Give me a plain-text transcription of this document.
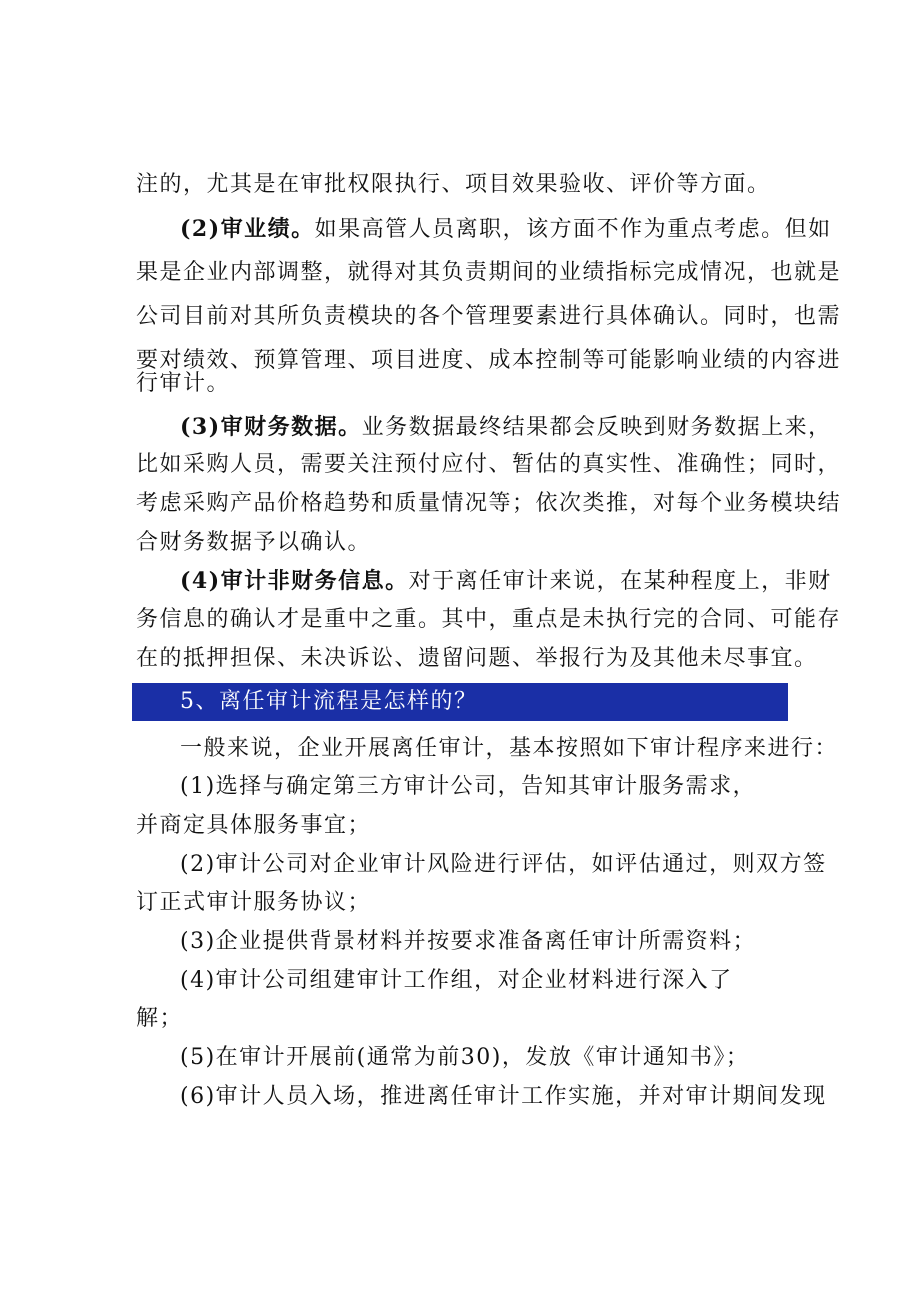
注的，尤其是在审批权限执行、项目效果验收、评价等方面。
(2)审业绩。如果高管人员离职，该方面不作为重点考虑。但如
果是企业内部调整，就得对其负责期间的业绩指标完成情况，也就是
公司目前对其所负责模块的各个管理要素进行具体确认。同时，也需
要对绩效、预算管理、项目进度、成本控制等可能影响业绩的内容进
行审计。
(3)审财务数据。业务数据最终结果都会反映到财务数据上来，
比如采购人员，需要关注预付应付、暂估的真实性、准确性；同时，
考虑采购产品价格趋势和质量情况等；依次类推，对每个业务模块结
合财务数据予以确认。
(4)审计非财务信息。对于离任审计来说，在某种程度上，非财
务信息的确认才是重中之重。其中，重点是未执行完的合同、可能存
在的抵押担保、未决诉讼、遗留问题、举报行为及其他未尽事宜。
5、离任审计流程是怎样的？
一般来说，企业开展离任审计，基本按照如下审计程序来进行：
(1)选择与确定第三方审计公司，告知其审计服务需求，
并商定具体服务事宜；
(2)审计公司对企业审计风险进行评估，如评估通过，则双方签
订正式审计服务协议；
(3)企业提供背景材料并按要求准备离任审计所需资料；
(4)审计公司组建审计工作组，对企业材料进行深入了
解；
(5)在审计开展前(通常为前30)，发放《审计通知书》；
(6)审计人员入场，推进离任审计工作实施，并对审计期间发现
